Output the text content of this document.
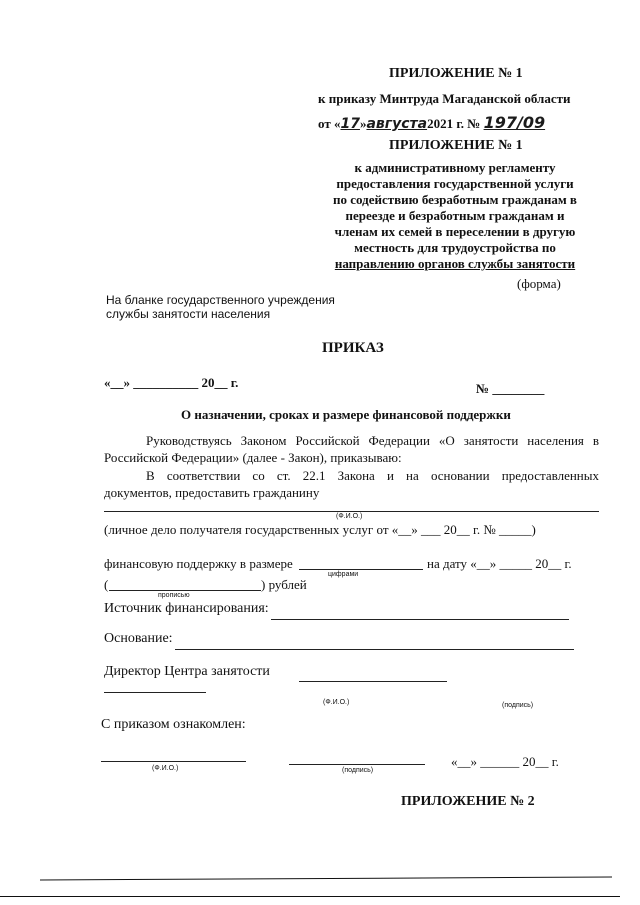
ПРИЛОЖЕНИЕ № 1
к приказу Минтруда Магаданской области
от «17»августа2021 г. № 197/09
ПРИЛОЖЕНИЕ № 1
к административному регламенту
предоставления государственной услуги
по содействию безработным гражданам в
переезде и безработным гражданам и
членам их семей в переселении в другую
местность для трудоустройства по
направлению органов службы занятости
(форма)
На бланке государственного учреждения
службы занятости населения
ПРИКАЗ
«__» __________ 20__ г.	№ ________
О назначении, сроках и размере финансовой поддержки
Руководствуясь Законом Российской Федерации «О занятости населения в
Российской Федерации» (далее - Закон), приказываю:
В соответствии со ст. 22.1 Закона и на основании предоставленных
документов, предоставить гражданину
(Ф.И.О.)
(личное дело получателя государственных услуг от «__» ___ 20__ г. № _____)
финансовую поддержку в размере	на дату «__» _____ 20__ г.
цифрами
(	) рублей
прописью
Источник финансирования:
Основание:
Директор Центра занятости
(Ф.И.О.)	(подпись)
С приказом ознакомлен:
«__» ______ 20__ г.
(Ф.И.О.)	(подпись)
ПРИЛОЖЕНИЕ № 2
